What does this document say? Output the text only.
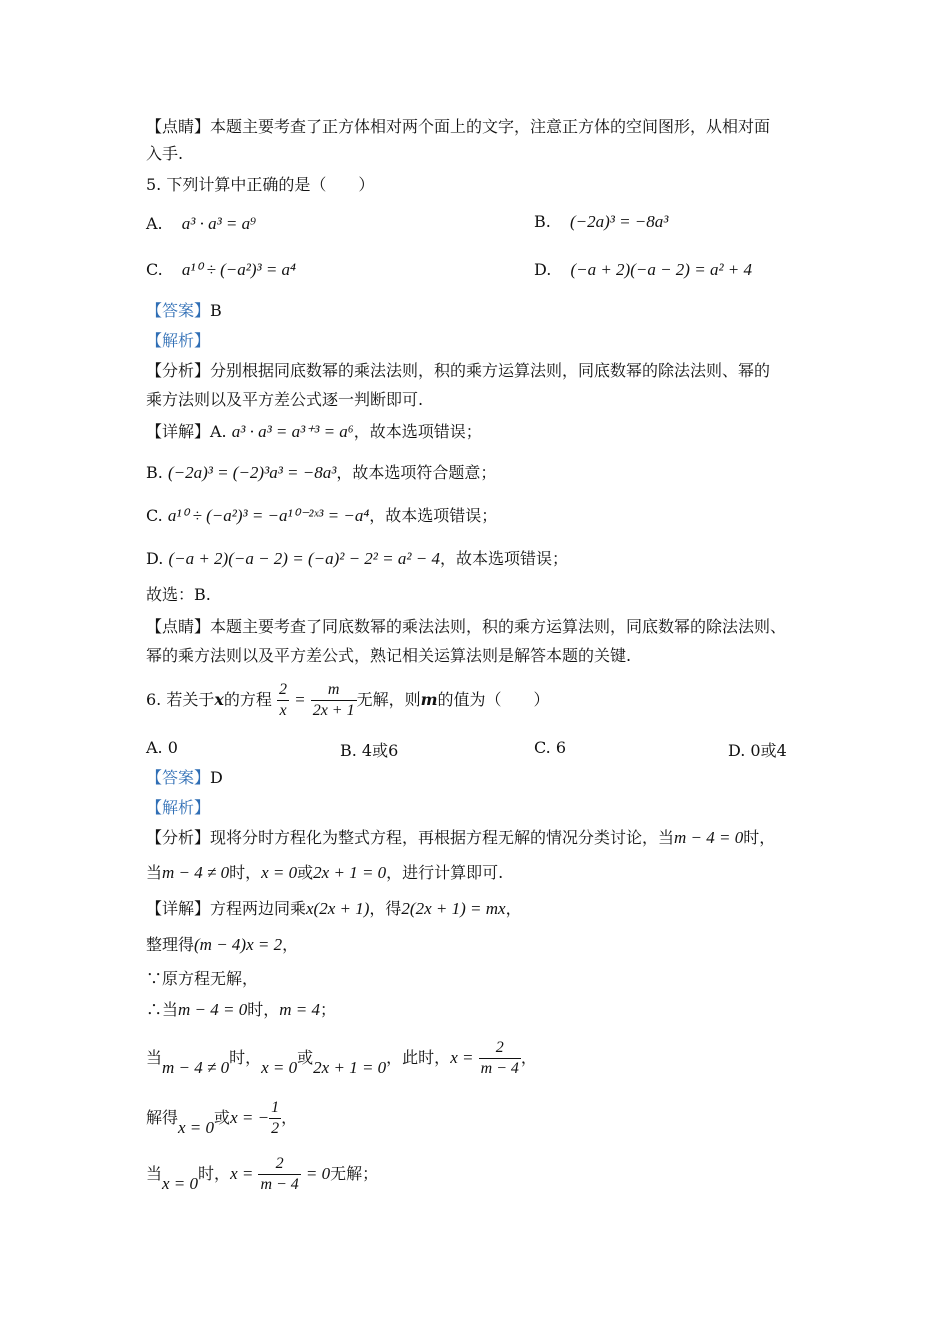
【点睛】本题主要考查了正方体相对两个面上的文字，注意正方体的空间图形，从相对面
入手.
5. 下列计算中正确的是（　　）
A. a³ · a³ = a⁹	B. (−2a)³ = −8a³
C. a¹⁰ ÷ (−a²)³ = a⁴	D. (−a + 2)(−a − 2) = a² + 4
【答案】B
【解析】
【分析】分别根据同底数幂的乘法法则，积的乘方运算法则，同底数幂的除法法则、幂的
乘方法则以及平方差公式逐一判断即可.
【详解】A. a³ · a³ = a³⁺³ = a⁶，故本选项错误；
B. (−2a)³ = (−2)³a³ = −8a³，故本选项符合题意；
C. a¹⁰ ÷ (−a²)³ = −a¹⁰⁻²ˣ³ = −a⁴，故本选项错误；
D. (−a + 2)(−a − 2) = (−a)² − 2² = a² − 4，故本选项错误；
故选：B.
【点睛】本题主要考查了同底数幂的乘法法则，积的乘方运算法则，同底数幂的除法法则、
幂的乘方法则以及平方差公式，熟记相关运算法则是解答本题的关键.
6. 若关于x的方程 $\frac{2}{x} = \frac{m}{2x + 1}$ 无解，则m的值为（　　）
A. 0	B. 4或6	C. 6	D. 0或4
【答案】D
【解析】
【分析】现将分时方程化为整式方程，再根据方程无解的情况分类讨论，当m − 4 = 0时，
当m − 4 ≠ 0时，x = 0或2x + 1 = 0，进行计算即可.
【详解】方程两边同乘x(2x + 1)，得2(2x + 1) = mx，
整理得(m − 4)x = 2，
∵原方程无解，
∴当m − 4 = 0时，m = 4；
当m − 4 ≠ 0时，x = 0或2x + 1 = 0，此时，$x = \frac{2}{m - 4}$ ，
解得x = 0或x = − $\frac{1}{2}$ ，
当x = 0时，$x = \frac{2}{m - 4} = 0$无解；
